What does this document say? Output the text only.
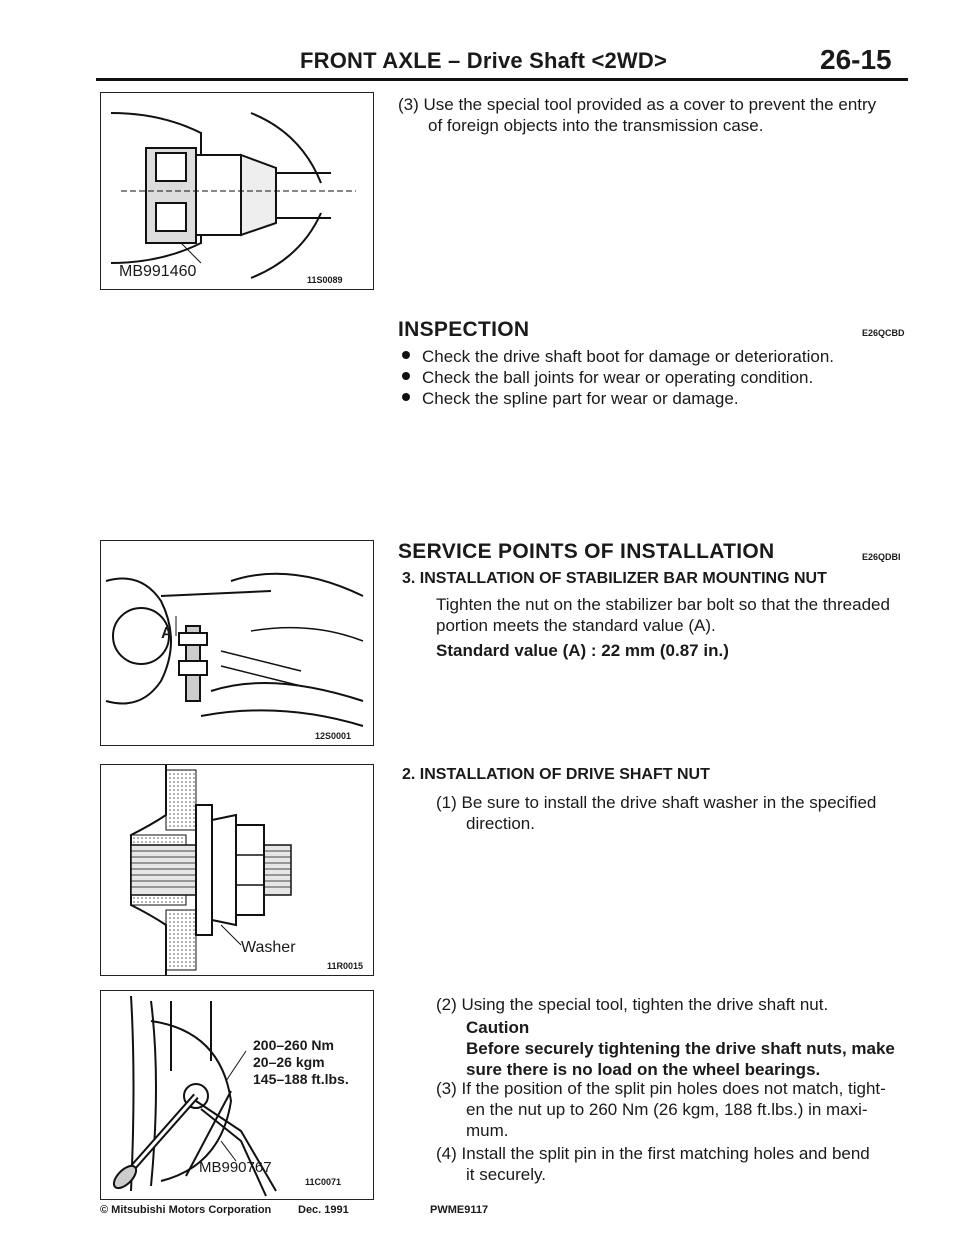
FRONT AXLE – Drive Shaft <2WD>	26-15
MB991460	11S0089
(3) Use the special tool provided as a cover to prevent the entry
of foreign objects into the transmission case.
INSPECTION	E26QCBD
Check the drive shaft boot for damage or deterioration.
Check the ball joints for wear or operating condition.
Check the spline part for wear or damage.
A
12S0001
SERVICE POINTS OF INSTALLATION	E26QDBI
3. INSTALLATION OF STABILIZER BAR MOUNTING NUT
Tighten the nut on the stabilizer bar bolt so that the threaded
portion meets the standard value (A).
Standard value (A) : 22 mm (0.87 in.)
Washer
11R0015
2. INSTALLATION OF DRIVE SHAFT NUT
(1) Be sure to install the drive shaft washer in the specified
direction.
200–260 Nm
20–26 kgm
145–188 ft.lbs.
MB990767
11C0071
(2) Using the special tool, tighten the drive shaft nut.
Caution
Before securely tightening the drive shaft nuts, make
sure there is no load on the wheel bearings.
(3) If the position of the split pin holes does not match, tight-
en the nut up to 260 Nm (26 kgm, 188 ft.lbs.) in maxi-
mum.
(4) Install the split pin in the first matching holes and bend
it securely.
© Mitsubishi Motors Corporation Dec. 1991	PWME9117
